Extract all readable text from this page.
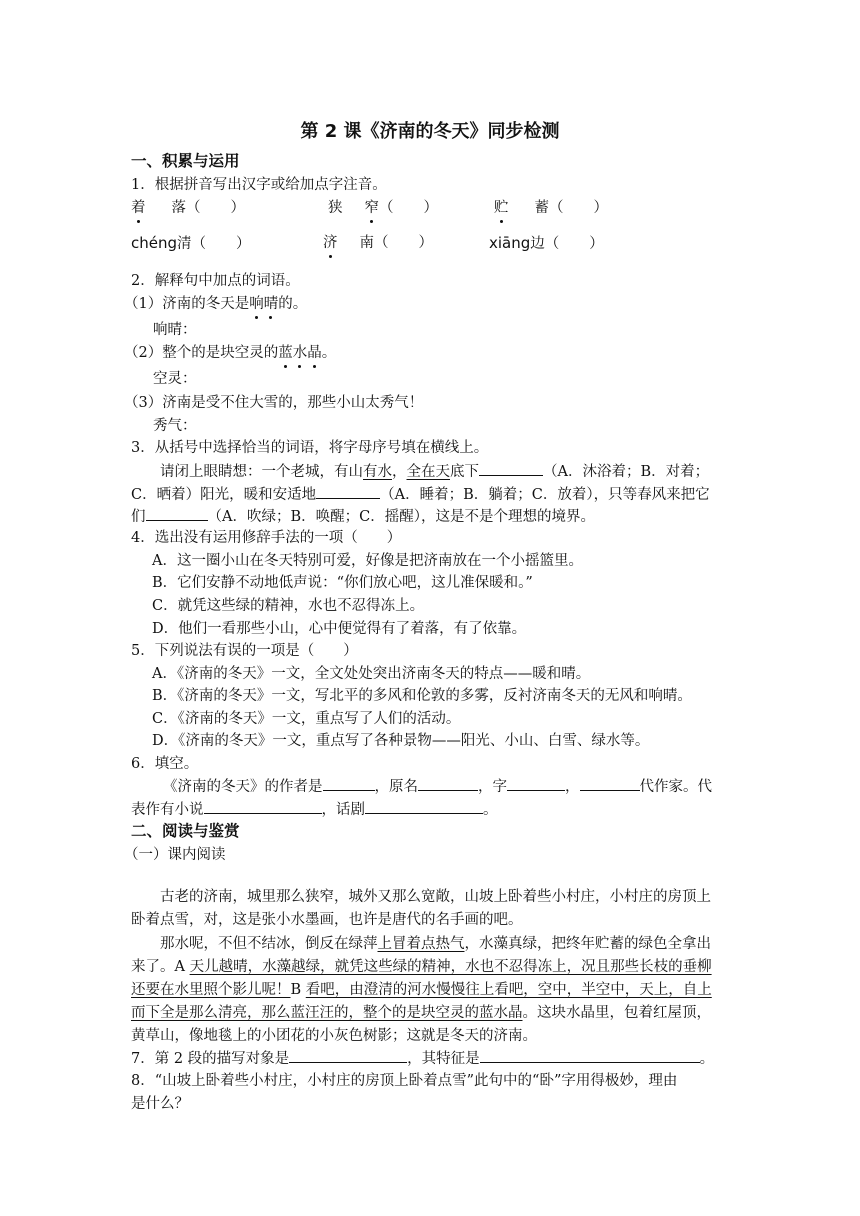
第 2 课《济南的冬天》同步检测
一、积累与运用
1．根据拼音写出汉字或给加点字注音。
着 落（ ）	狭 窄（ ）	贮 蓄（ ）
chéng清（ ）	济 南（ ）	xiāng边（ ）
2．解释句中加点的词语。
（1）济南的冬天是响晴的。
响晴：
（2）整个的是块空灵的蓝水晶。
空灵：
（3）济南是受不住大雪的，那些小山太秀气！
秀气：
3．从括号中选择恰当的词语，将字母序号填在横线上。
请闭上眼睛想：一个老城，有山有水，全在天底下	（A．沐浴着；B．对着；
C．晒着）阳光，暖和安适地	（A．睡着；B．躺着；C．放着），只等春风来把它
们	（A．吹绿；B．唤醒；C．摇醒），这是不是个理想的境界。
4．选出没有运用修辞手法的一项（　　）
A．这一圈小山在冬天特别可爱，好像是把济南放在一个小摇篮里。
B．它们安静不动地低声说：“你们放心吧，这儿准保暖和。”
C．就凭这些绿的精神，水也不忍得冻上。
D．他们一看那些小山，心中便觉得有了着落，有了依靠。
5．下列说法有误的一项是（　　）
A．《济南的冬天》一文，全文处处突出济南冬天的特点——暖和晴。
B．《济南的冬天》一文，写北平的多风和伦敦的多雾，反衬济南冬天的无风和响晴。
C．《济南的冬天》一文，重点写了人们的活动。
D．《济南的冬天》一文，重点写了各种景物——阳光、小山、白雪、绿水等。
6．填空。
《济南的冬天》的作者是	，原名	，字	，	代作家。代
表作有小说	，话剧	。
二、阅读与鉴赏
（一）课内阅读
古老的济南，城里那么狭窄，城外又那么宽敞，山坡上卧着些小村庄，小村庄的房顶上
卧着点雪，对，这是张小水墨画，也许是唐代的名手画的吧。
那水呢，不但不结冰，倒反在绿萍上冒着点热气，水藻真绿，把终年贮蓄的绿色全拿出
来了。A 天儿越晴，水藻越绿，就凭这些绿的精神，水也不忍得冻上，况且那些长枝的垂柳
还要在水里照个影儿呢！B 看吧，由澄清的河水慢慢往上看吧，空中，半空中，天上，自上
而下全是那么清亮，那么蓝汪汪的，整个的是块空灵的蓝水晶。这块水晶里，包着红屋顶，
黄草山，像地毯上的小团花的小灰色树影；这就是冬天的济南。
7．第 2 段的描写对象是	，其特征是	。
8．“山坡上卧着些小村庄，小村庄的房顶上卧着点雪”此句中的“卧”字用得极妙，理由
是什么？
